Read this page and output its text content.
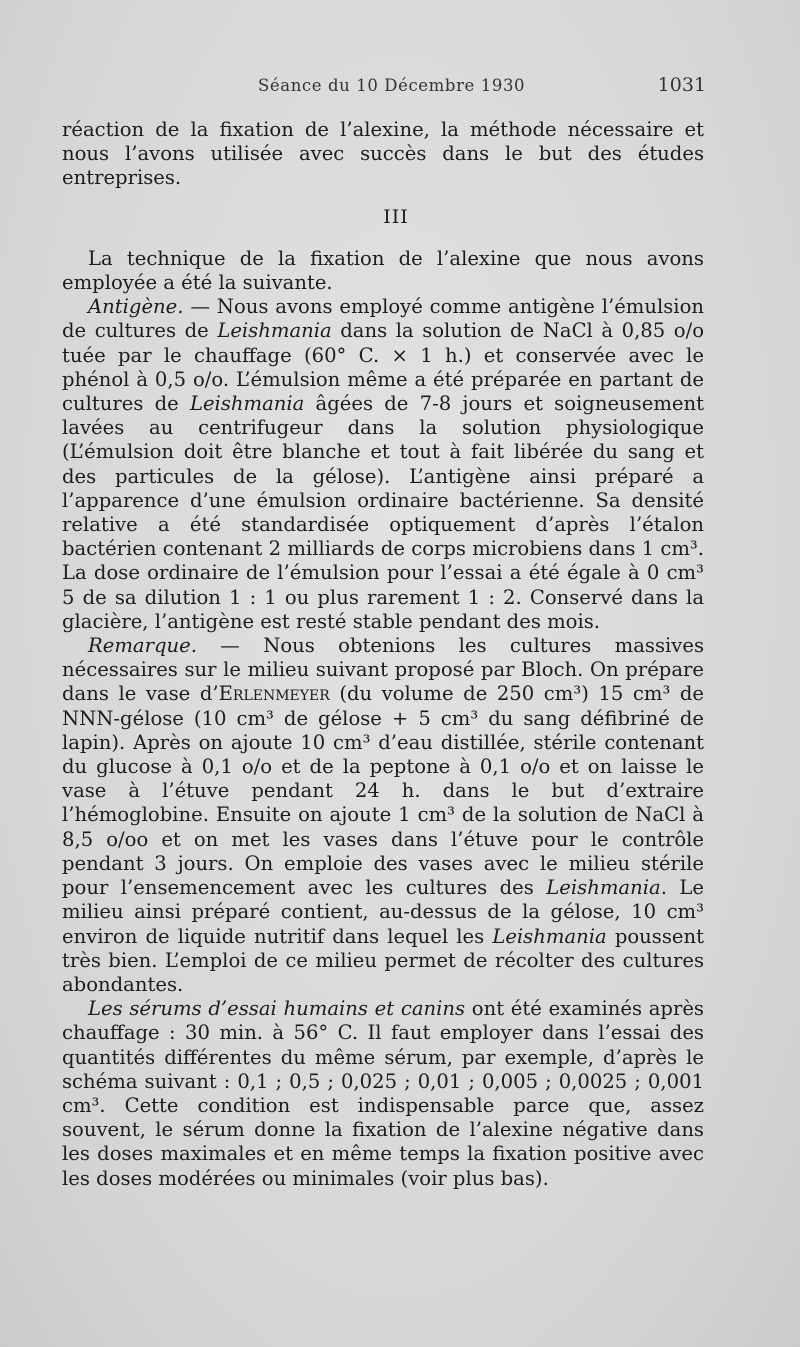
Séance du 10 Décembre 1930	1031

réaction de la fixation de l’alexine, la méthode nécessaire et nous l’avons utilisée avec succès dans le but des études entreprises.

III

La technique de la fixation de l’alexine que nous avons employée a été la suivante.

Antigène. — Nous avons employé comme antigène l’émulsion de cultures de Leishmania dans la solution de NaCl à 0,85 o/o tuée par le chauffage (60° C. × 1 h.) et conservée avec le phénol à 0,5 o/o. L’émulsion même a été préparée en partant de cultures de Leishmania âgées de 7-8 jours et soigneusement lavées au centrifugeur dans la solution physiologique (L’émulsion doit être blanche et tout à fait libérée du sang et des particules de la gélose). L’antigène ainsi préparé a l’apparence d’une émulsion ordinaire bactérienne. Sa densité relative a été standardisée optiquement d’après l’étalon bactérien contenant 2 milliards de corps microbiens dans 1 cm³. La dose ordinaire de l’émulsion pour l’essai a été égale à 0 cm³ 5 de sa dilution 1 : 1 ou plus rarement 1 : 2. Conservé dans la glacière, l’antigène est resté stable pendant des mois.

Remarque. — Nous obtenions les cultures massives nécessaires sur le milieu suivant proposé par Bloch. On prépare dans le vase d’Erlenmeyer (du volume de 250 cm³) 15 cm³ de NNN-gélose (10 cm³ de gélose + 5 cm³ du sang défibriné de lapin). Après on ajoute 10 cm³ d’eau distillée, stérile contenant du glucose à 0,1 o/o et de la peptone à 0,1 o/o et on laisse le vase à l’étuve pendant 24 h. dans le but d’extraire l’hémoglobine. Ensuite on ajoute 1 cm³ de la solution de NaCl à 8,5 o/oo et on met les vases dans l’étuve pour le contrôle pendant 3 jours. On emploie des vases avec le milieu stérile pour l’ensemencement avec les cultures des Leishmania. Le milieu ainsi préparé contient, au-dessus de la gélose, 10 cm³ environ de liquide nutritif dans lequel les Leishmania poussent très bien. L’emploi de ce milieu permet de récolter des cultures abondantes.

Les sérums d’essai humains et canins ont été examinés après chauffage : 30 min. à 56° C. Il faut employer dans l’essai des quantités différentes du même sérum, par exemple, d’après le schéma suivant : 0,1 ; 0,5 ; 0,025 ; 0,01 ; 0,005 ; 0,0025 ; 0,001 cm³. Cette condition est indispensable parce que, assez souvent, le sérum donne la fixation de l’alexine négative dans les doses maximales et en même temps la fixation positive avec les doses modérées ou minimales (voir plus bas).
